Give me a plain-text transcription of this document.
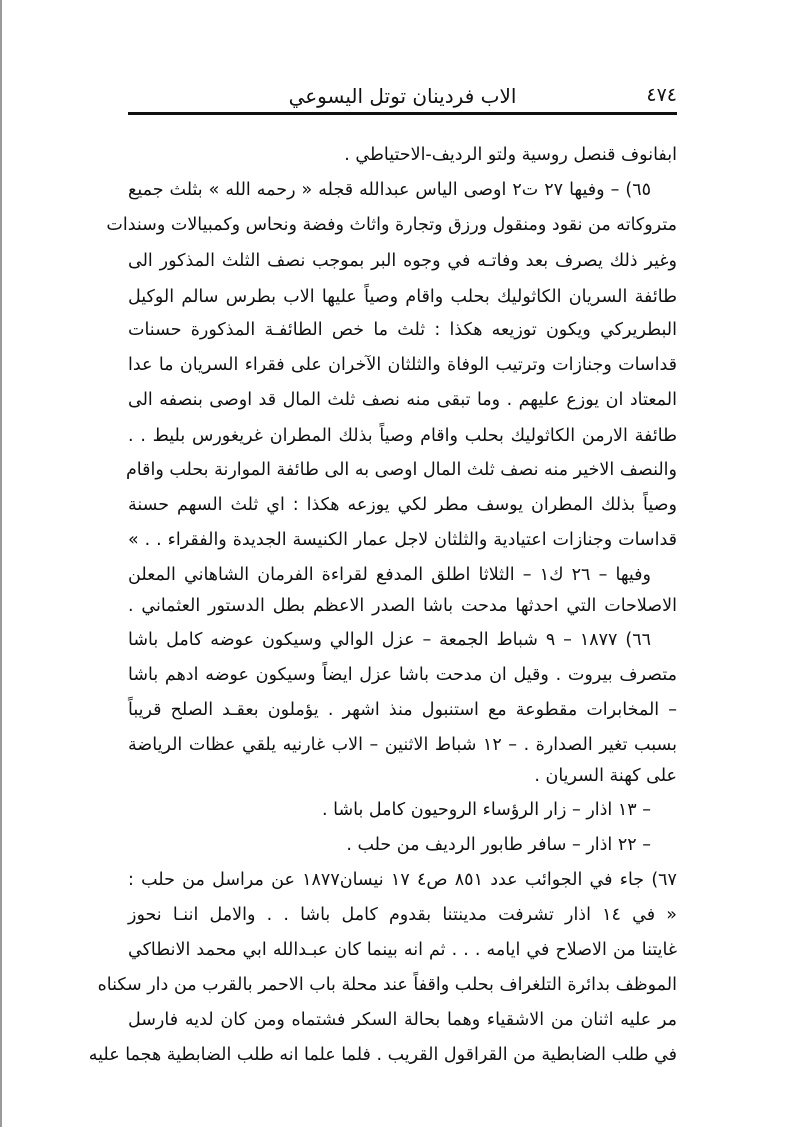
٤٧٤
الاب فردينان توتل اليسوعي
ابفانوف قنصل روسية ولتو الرديف-الاحتياطي .
٦٥) – وفيها ٢٧ ت٢ اوصى الياس عبدالله قجله « رحمه الله » بثلث جميع
متروكاته من نقود ومنقول ورزق وتجارة واثاث وفضة ونحاس وكمبيالات وسندات
وغير ذلك يصرف بعد وفاتـه في وجوه البر بموجب نصف الثلث المذكور الى
طائفة السريان الكاثوليك بحلب واقام وصياً عليها الاب بطرس سالم الوكيل
البطريركي ويكون توزيعه هكذا : ثلث ما خص الطائفـة المذكورة حسنات
قداسات وجنازات وترتيب الوفاة والثلثان الآخران على فقراء السريان ما عدا
المعتاد ان يوزع عليهم . وما تبقى منه نصف ثلث المال قد اوصى بنصفه الى
طائفة الارمن الكاثوليك بحلب واقام وصياً بذلك المطران غريغورس بليط . .
والنصف الاخير منه نصف ثلث المال اوصى به الى طائفة الموارنة بحلب واقام
وصياً بذلك المطران يوسف مطر لكي يوزعه هكذا : اي ثلث السهم حسنة
قداسات وجنازات اعتيادية والثلثان لاجل عمار الكنيسة الجديدة والفقراء . . »
وفيها – ٢٦ ك١ – الثلاثا اطلق المدفع لقراءة الفرمان الشاهاني المعلن
الاصلاحات التي احدثها مدحت باشا الصدر الاعظم بطل الدستور العثماني .
٦٦) ١٨٧٧ – ٩ شباط الجمعة – عزل الوالي وسيكون عوضه كامل باشا
متصرف بيروت . وقيل ان مدحت باشا عزل ايضاً وسيكون عوضه ادهم باشا
– المخابرات مقطوعة مع استنبول منذ اشهر . يؤملون بعقـد الصلح قريباً
بسبب تغير الصدارة . – ١٢ شباط الاثنين – الاب غارنيه يلقي عظات الرياضة
على كهنة السريان .
– ١٣ اذار – زار الرؤساء الروحيون كامل باشا .
– ٢٢ اذار – سافر طابور الرديف من حلب .
٦٧) جاء في الجوائب عدد ٨٥١ ص٤ ١٧ نيسان١٨٧٧ عن مراسل من حلب :
« في ١٤ اذار تشرفت مدينتنا بقدوم كامل باشا . . والامل اننـا نحوز
غايتنا من الاصلاح في ايامه . . . ثم انه بينما كان عبـدالله ابي محمد الانطاكي
الموظف بدائرة التلغراف بحلب واقفاً عند محلة باب الاحمر بالقرب من دار سكناه
مر عليه اثنان من الاشقياء وهما بحالة السكر فشتماه ومن كان لديه فارسل
في طلب الضابطية من القراقول القريب . فلما علما انه طلب الضابطية هجما عليه
